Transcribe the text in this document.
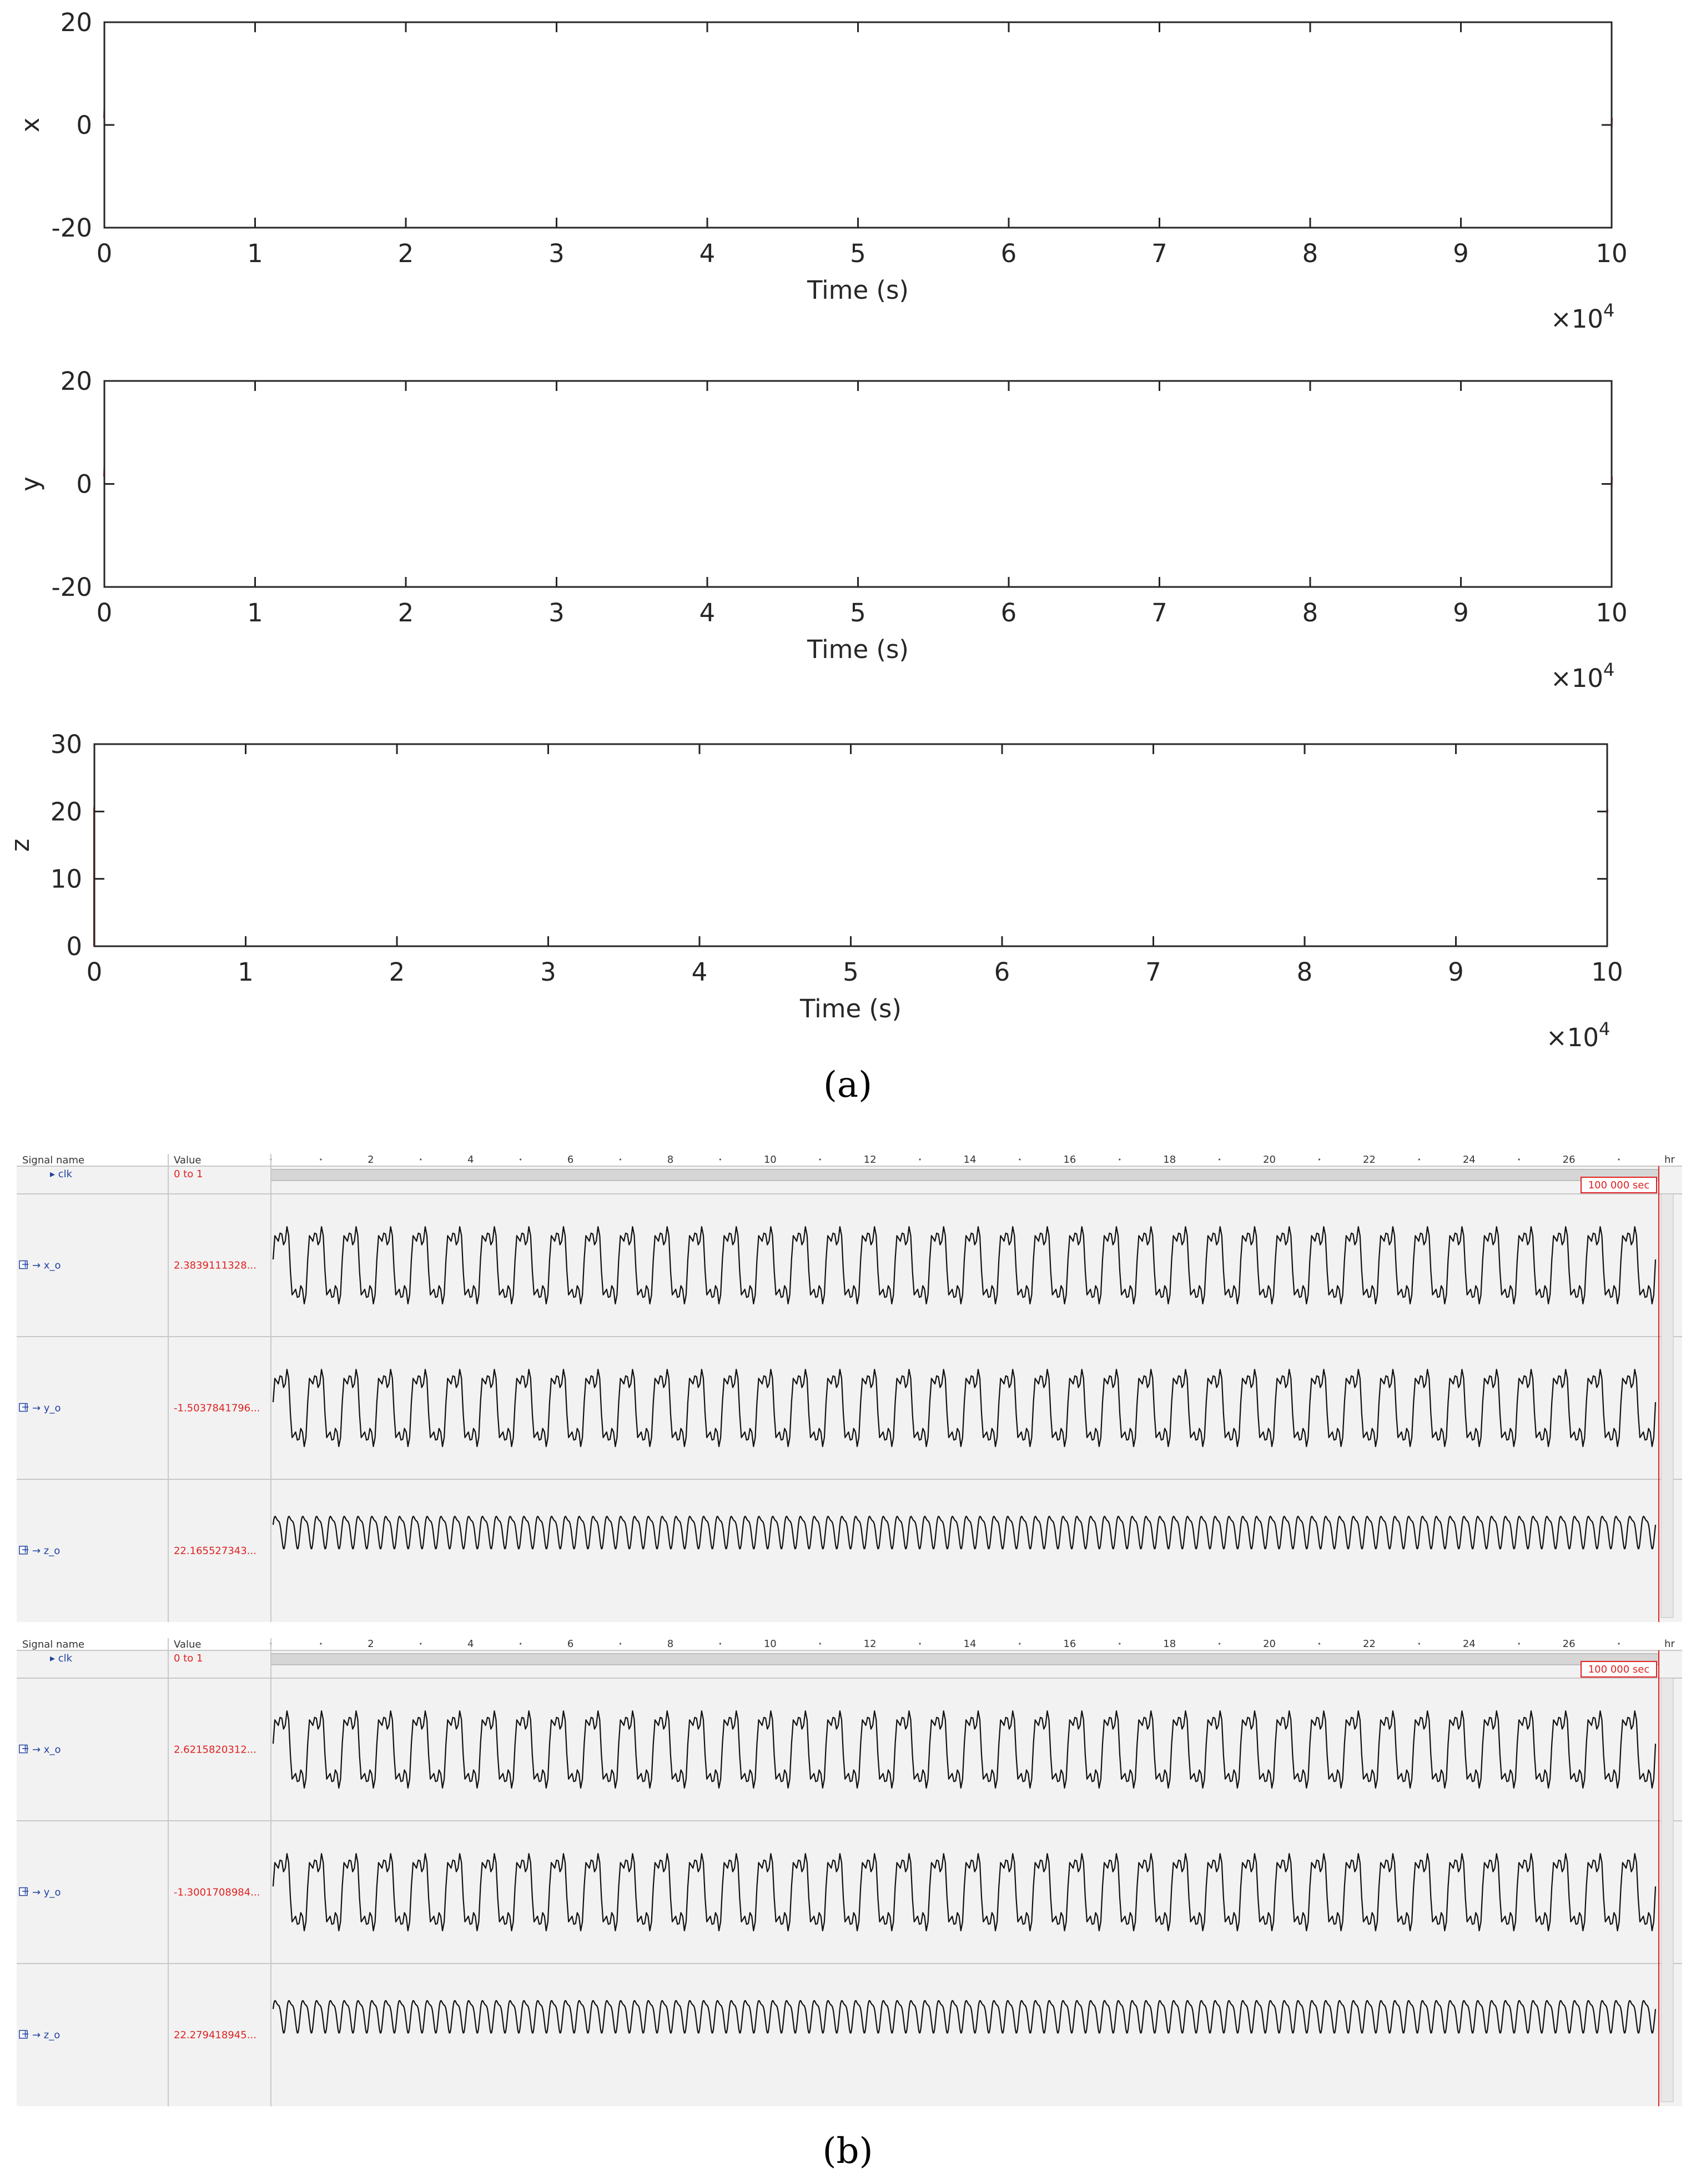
0	1	2	3	4	5	6	7	8	9	10
20
0
-20
Time (s)
x
$\times 10^4$
0	1	2	3	4	5	6	7	8	9	10
20
0
-20
Time (s)
y
$\times 10^4$
0	1	2	3	4	5	6	7	8	9	10
30
20
10
0
Time (s)
z
$\times 10^4$
(a)
Signal name	Value	2	4	6	8	10	12	14	16	18	20	22	24	26	hr
▸ clk	0 to 1
100 000 sec
+ → x_o	2.3839111328...
+ → y_o	-1.5037841796...
+ → z_o	22.165527343...
Signal name	Value	2	4	6	8	10	12	14	16	18	20	22	24	26	hr
▸ clk	0 to 1
100 000 sec
+ → x_o	2.6215820312...
+ → y_o	-1.3001708984...
+ → z_o	22.279418945...
(b)
